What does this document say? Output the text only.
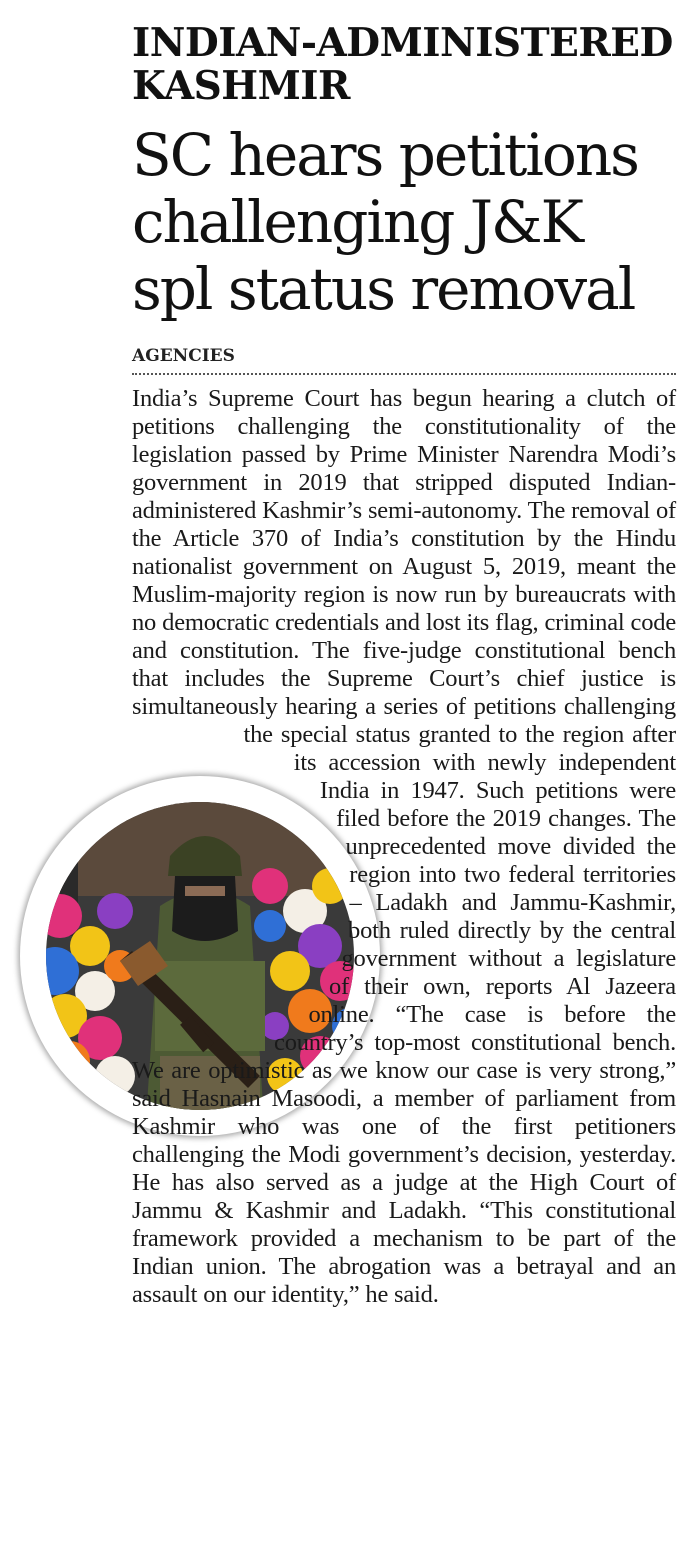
INDIAN-ADMINISTERED KASHMIR
SC hears petitions challenging J&K spl status removal
AGENCIES
India’s Supreme Court has begun hearing a clutch of petitions challenging the constitutionality of the legislation passed by Prime Minister Narendra Modi’s government in 2019 that stripped disputed Indian-administered Kashmir’s semi-autonomy. The removal of the Article 370 of India’s constitution by the Hindu nationalist government on August 5, 2019, meant the Muslim-majority region is now run by bureaucrats with no democratic credentials and lost its flag, criminal code and constitution. The five-judge constitutional bench that includes the Supreme Court’s chief justice is simultaneously hearing a series of petitions challenging the special status granted to the region after its accession with newly independent India in 1947. Such petitions were filed before the 2019 changes. The unprecedented move divided the region into two federal territories – Ladakh and Jammu-Kashmir, both ruled directly by the central government without a legislature of their own, reports Al Jazeera online. “The case is before the country’s top-most constitutional bench. We are optimistic as we know our case is very strong,” said Hasnain Masoodi, a member of parliament from Kashmir who was one of the first petitioners challenging the Modi government’s decision, yesterday. He has also served as a judge at the High Court of Jammu & Kashmir and Ladakh. “This constitutional framework provided a mechanism to be part of the Indian union. The abrogation was a betrayal and an assault on our identity,” he said.
